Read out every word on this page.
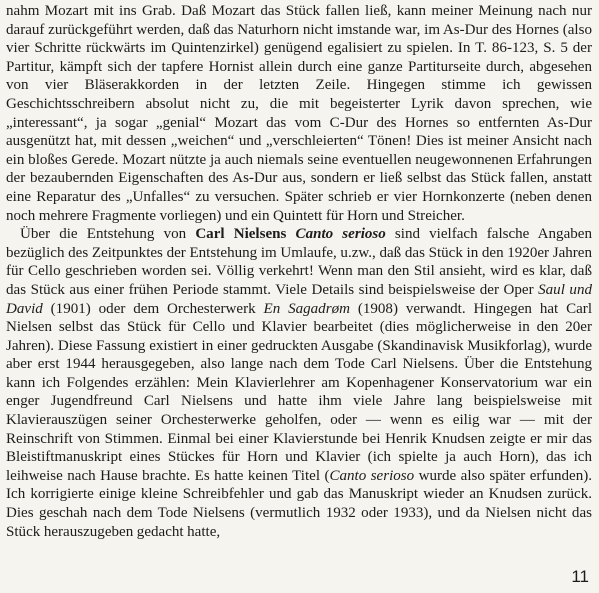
nahm Mozart mit ins Grab. Daß Mozart das Stück fallen ließ, kann meiner Meinung nach nur darauf zurückgeführt werden, daß das Naturhorn nicht imstande war, im As-Dur des Hornes (also vier Schritte rückwärts im Quintenzirkel) genügend egalisiert zu spielen. In T. 86-123, S. 5 der Partitur, kämpft sich der tapfere Hornist allein durch eine ganze Partiturseite durch, abgesehen von vier Bläserakkorden in der letzten Zeile. Hingegen stimme ich gewissen Geschichtsschreibern absolut nicht zu, die mit begeisterter Lyrik davon sprechen, wie „interessant“, ja sogar „genial“ Mozart das vom C-Dur des Hornes so entfernten As-Dur ausgenützt hat, mit dessen „weichen“ und „verschleierten“ Tönen! Dies ist meiner Ansicht nach ein bloßes Gerede. Mozart nützte ja auch niemals seine eventuellen neugewonnenen Erfahrungen der bezaubernden Eigenschaften des As-Dur aus, sondern er ließ selbst das Stück fallen, anstatt eine Reparatur des „Unfalles“ zu versuchen. Später schrieb er vier Hornkonzerte (neben denen noch mehrere Fragmente vorliegen) und ein Quintett für Horn und Streicher.

Über die Entstehung von Carl Nielsens Canto serioso sind vielfach falsche Angaben bezüglich des Zeitpunktes der Entstehung im Umlaufe, u.zw., daß das Stück in den 1920er Jahren für Cello geschrieben worden sei. Völlig verkehrt! Wenn man den Stil ansieht, wird es klar, daß das Stück aus einer frühen Periode stammt. Viele Details sind beispielsweise der Oper Saul und David (1901) oder dem Orchesterwerk En Sagadrøm (1908) verwandt. Hingegen hat Carl Nielsen selbst das Stück für Cello und Klavier bearbeitet (dies möglicherweise in den 20er Jahren). Diese Fassung existiert in einer gedruckten Ausgabe (Skandinavisk Musikforlag), wurde aber erst 1944 herausgegeben, also lange nach dem Tode Carl Nielsens. Über die Entstehung kann ich Folgendes erzählen: Mein Klavierlehrer am Kopenhagener Konservatorium war ein enger Jugendfreund Carl Nielsens und hatte ihm viele Jahre lang beispielsweise mit Klavierauszügen seiner Orchesterwerke geholfen, oder — wenn es eilig war — mit der Reinschrift von Stimmen. Einmal bei einer Klavierstunde bei Henrik Knudsen zeigte er mir das Bleistiftmanuskript eines Stückes für Horn und Klavier (ich spielte ja auch Horn), das ich leihweise nach Hause brachte. Es hatte keinen Titel (Canto serioso wurde also später erfunden). Ich korrigierte einige kleine Schreibfehler und gab das Manuskript wieder an Knudsen zurück. Dies geschah nach dem Tode Nielsens (vermutlich 1932 oder 1933), und da Nielsen nicht das Stück herauszugeben gedacht hatte,

11
